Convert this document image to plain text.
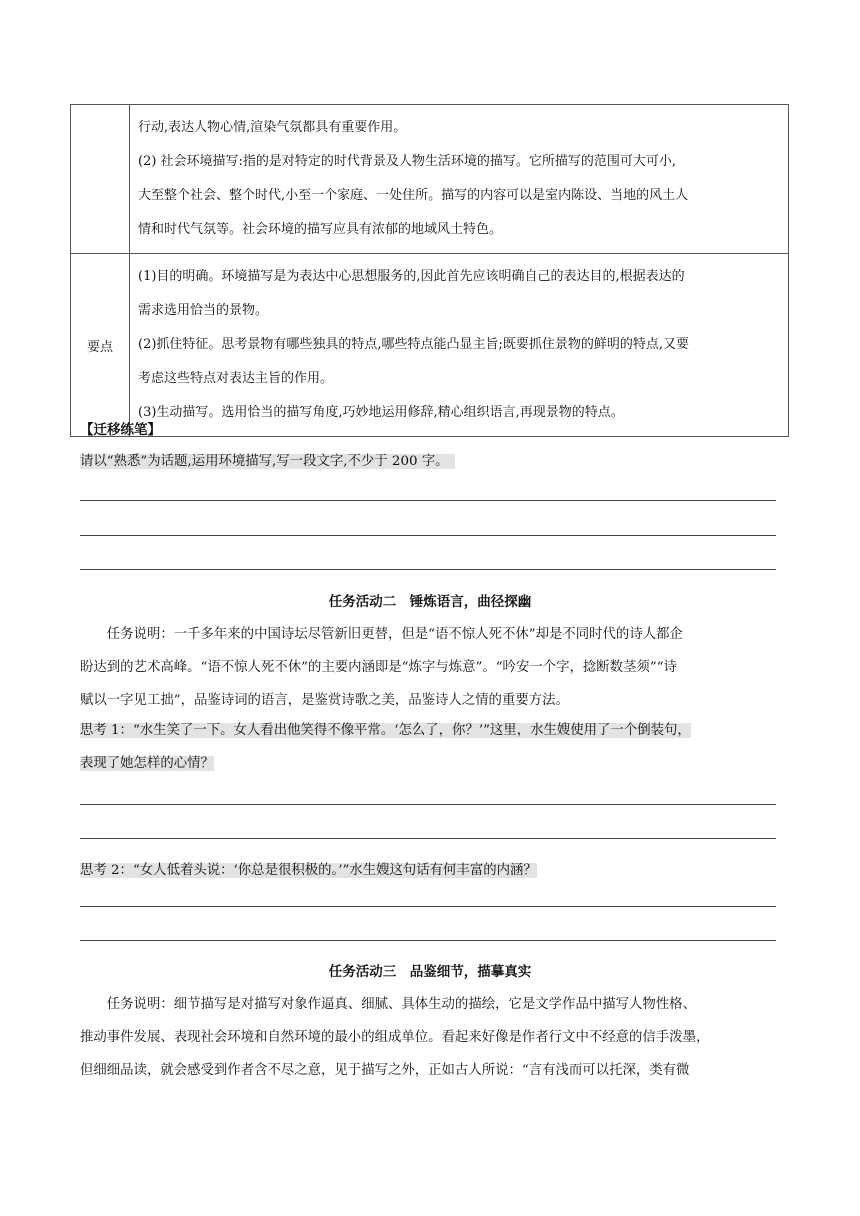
	行动,表达人物心情,渲染气氛都具有重要作用。
(2) 社会环境描写:指的是对特定的时代背景及人物生活环境的描写。它所描写的范围可大可小,
大至整个社会、整个时代,小至一个家庭、一处住所。描写的内容可以是室内陈设、当地的风土人
情和时代气氛等。社会环境的描写应具有浓郁的地域风土特色。

要点	(1)目的明确。环境描写是为表达中心思想服务的,因此首先应该明确自己的表达目的,根据表达的
需求选用恰当的景物。
(2)抓住特征。思考景物有哪些独具的特点,哪些特点能凸显主旨;既要抓住景物的鲜明的特点,又要
考虑这些特点对表达主旨的作用。
(3)生动描写。选用恰当的描写角度,巧妙地运用修辞,精心组织语言,再现景物的特点。
【迁移练笔】
请以“熟悉”为话题,运用环境描写,写一段文字,不少于 200 字。
任务活动二　锤炼语言，曲径探幽
　　任务说明：一千多年来的中国诗坛尽管新旧更替，但是“语不惊人死不休”却是不同时代的诗人都企
盼达到的艺术高峰。“语不惊人死不休”的主要内涵即是“炼字与炼意”。“吟安一个字，捻断数茎须”“诗
赋以一字见工拙”，品鉴诗词的语言，是鉴赏诗歌之美，品鉴诗人之情的重要方法。
思考 1：“水生笑了一下。女人看出他笑得不像平常。‘怎么了，你？’”这里，水生嫂使用了一个倒装句，
表现了她怎样的心情？
思考 2：“女人低着头说：‘你总是很积极的。’”水生嫂这句话有何丰富的内涵？
任务活动三　品鉴细节，描摹真实
　　任务说明：细节描写是对描写对象作逼真、细腻、具体生动的描绘，它是文学作品中描写人物性格、
推动事件发展、表现社会环境和自然环境的最小的组成单位。看起来好像是作者行文中不经意的信手泼墨，
但细细品读，就会感受到作者含不尽之意，见于描写之外，正如古人所说：“言有浅而可以托深，类有微
